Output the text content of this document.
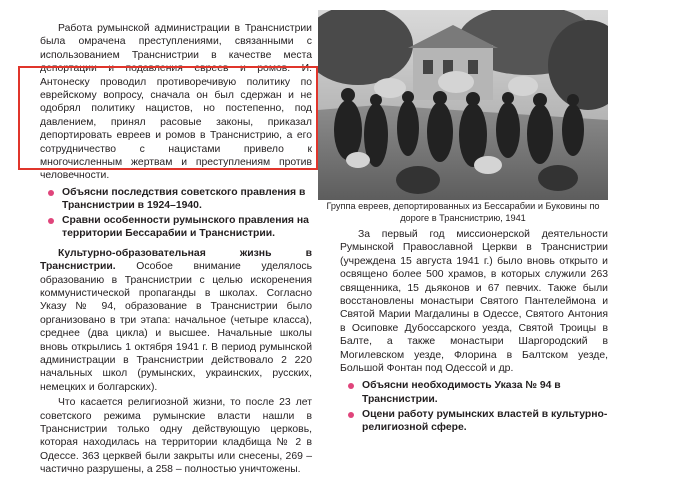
Работа румынской администрации в Транснистрии была омрачена преступлениями, связанными с использованием Транснистрии в качестве места депортации и подавления евреев и ромов. И. Антонеску проводил противоречивую политику по еврейскому вопросу, сначала он был сдержан и не одобрял политику нацистов, но постепенно, под давлением, принял расовые законы, приказал депортировать евреев и ромов в Транснистрию, а его сотрудничество с нацистами привело к многочисленным жертвам и преступлениям против человечности.

Объясни последствия советского правления в Транснистрии в 1924–1940.
Сравни особенности румынского правления на территории Бессарабии и Транснистрии.

Культурно-образовательная жизнь в Транснистрии. Особое внимание уделялось образованию в Транснистрии с целью искоренения коммунистической пропаганды в школах. Согласно Указу № 94, образование в Транснистрии было организовано в три этапа: начальное (четыре класса), среднее (два цикла) и высшее. Начальные школы вновь открылись 1 октября 1941 г. В период румынской администрации в Транснистрии действовало 2 220 начальных школ (румынских, украинских, русских, немецких и болгарских).

Что касается религиозной жизни, то после 23 лет советского режима румынские власти нашли в Транснистрии только одну действующую церковь, которая находилась на территории кладбища № 2 в Одессе. 363 церквей были закрыты или снесены, 269 – частично разрушены, а 258 – полностью уничтожены.

Группа евреев, депортированных из Бессарабии и Буковины по дороге в Транснистрию, 1941

За первый год миссионерской деятельности Румынской Православной Церкви в Транснистрии (учреждена 15 августа 1941 г.) было вновь открыто и освящено более 500 храмов, в которых служили 263 священника, 15 дьяконов и 67 певчих. Также были восстановлены монастыри Святого Пантелеймона и Святой Марии Магдалины в Одессе, Святого Антония в Осиповке Дубоссарского уезда, Святой Троицы в Балте, а также монастыри Шаргородский в Могилевском уезде, Флорина в Балтском уезде, Большой Фонтан под Одессой и др.

Объясни необходимость Указа № 94 в Транснистрии.
Оцени работу румынских властей в культурно-религиозной сфере.
